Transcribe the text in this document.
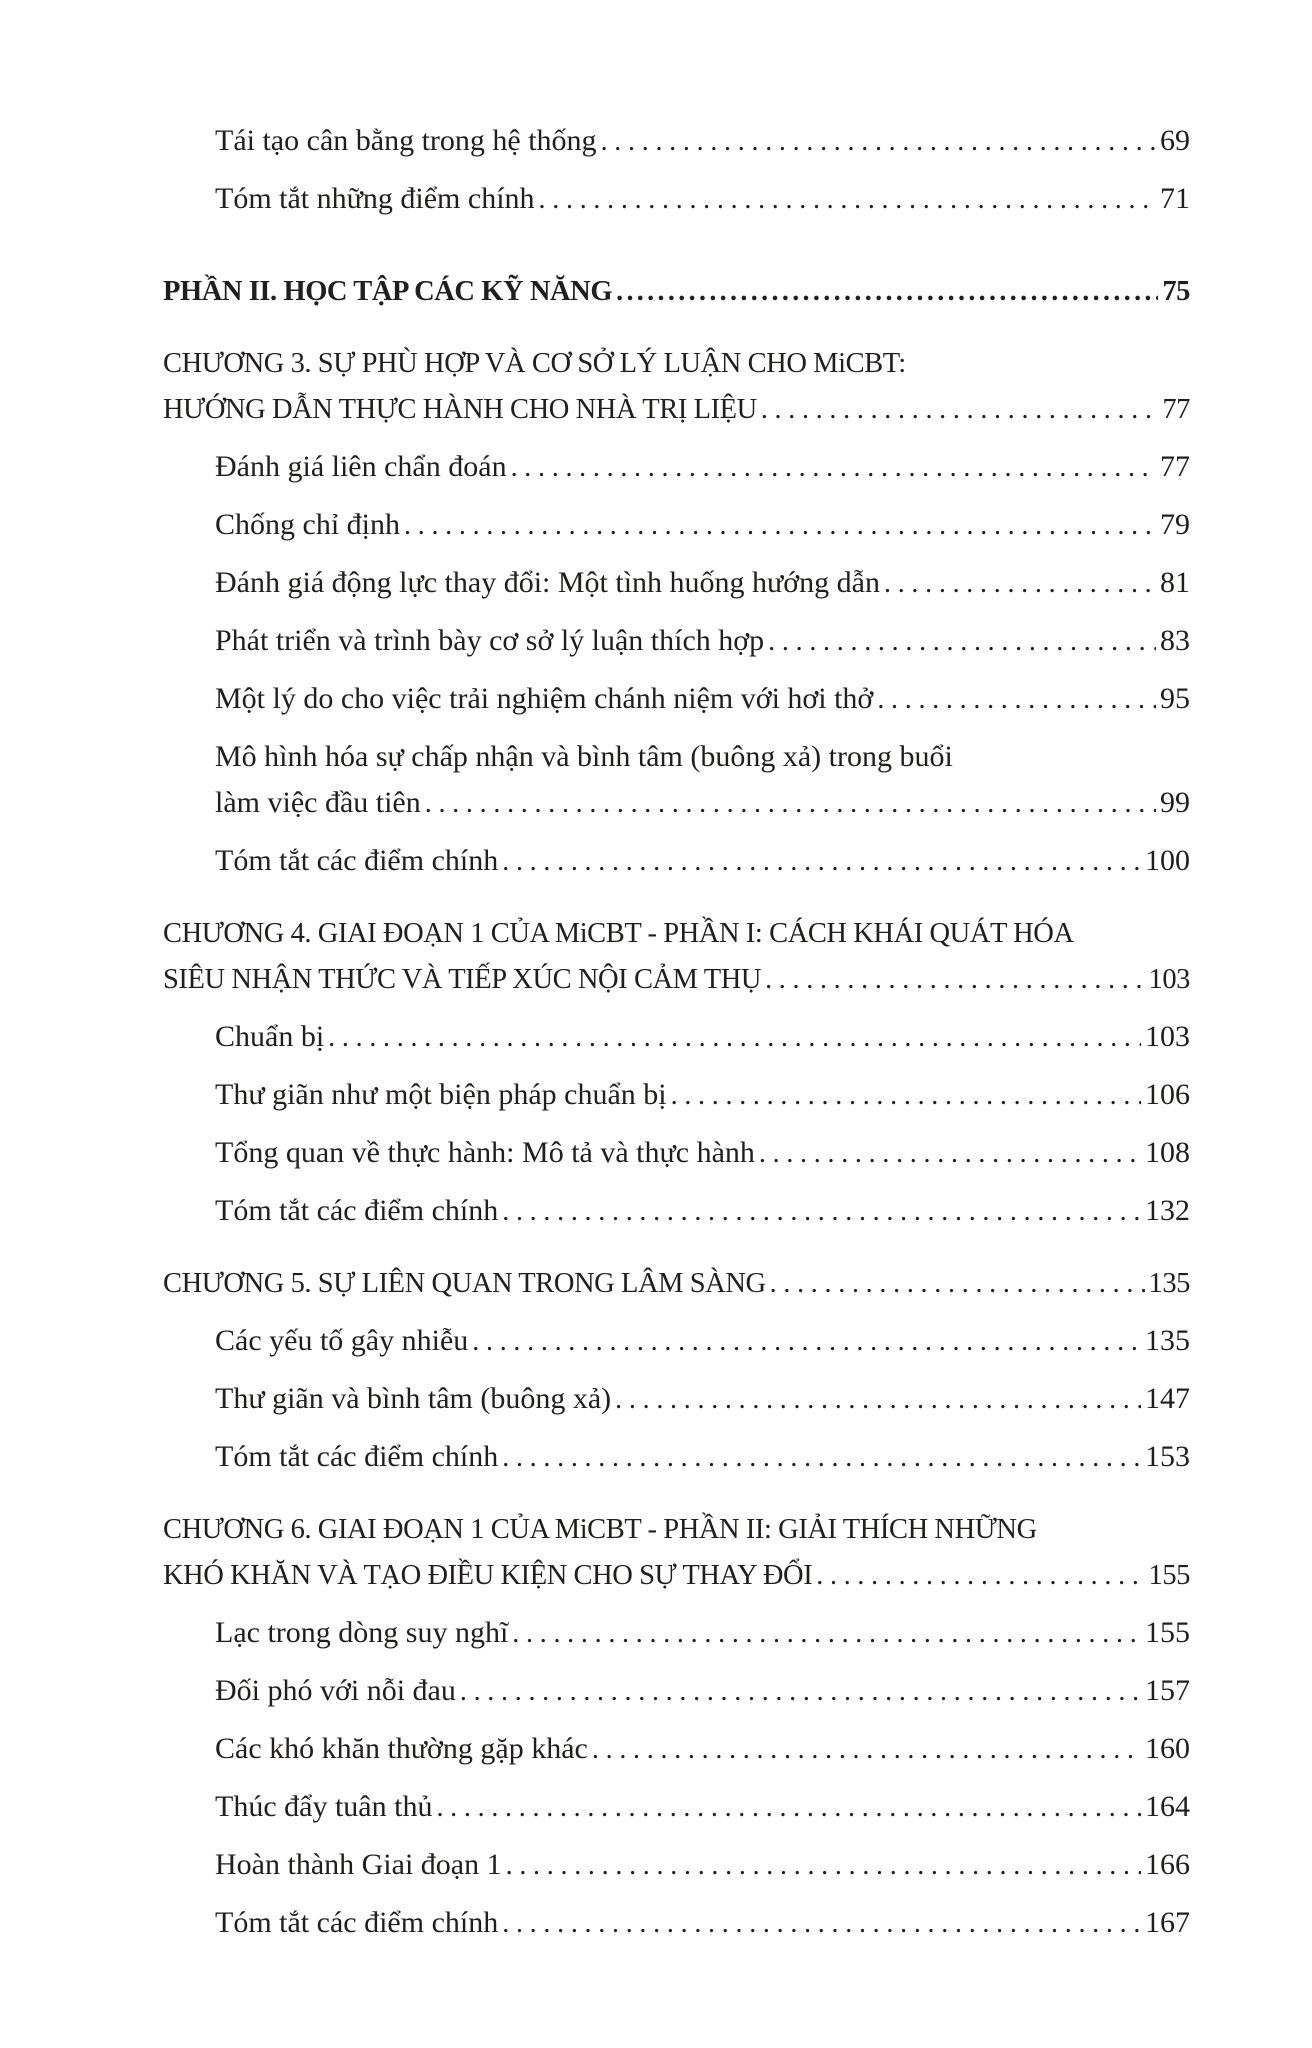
Tái tạo cân bằng trong hệ thống .....	69
Tóm tắt những điểm chính .....	71
PHẦN II. HỌC TẬP CÁC KỸ NĂNG .....	75
CHƯƠNG 3. SỰ PHÙ HỢP VÀ CƠ SỞ LÝ LUẬN CHO MiCBT:
HƯỚNG DẪN THỰC HÀNH CHO NHÀ TRỊ LIỆU .....	77
Đánh giá liên chẩn đoán .....	77
Chống chỉ định .....	79
Đánh giá động lực thay đổi: Một tình huống hướng dẫn .....	81
Phát triển và trình bày cơ sở lý luận thích hợp .....	83
Một lý do cho việc trải nghiệm chánh niệm với hơi thở .....	95
Mô hình hóa sự chấp nhận và bình tâm (buông xả) trong buổi
làm việc đầu tiên .....	99
Tóm tắt các điểm chính .....	100
CHƯƠNG 4. GIAI ĐOẠN 1 CỦA MiCBT - PHẦN I: CÁCH KHÁI QUÁT HÓA
SIÊU NHẬN THỨC VÀ TIẾP XÚC NỘI CẢM THỤ .....	103
Chuẩn bị .....	103
Thư giãn như một biện pháp chuẩn bị .....	106
Tổng quan về thực hành: Mô tả và thực hành .....	108
Tóm tắt các điểm chính .....	132
CHƯƠNG 5. SỰ LIÊN QUAN TRONG LÂM SÀNG .....	135
Các yếu tố gây nhiễu .....	135
Thư giãn và bình tâm (buông xả) .....	147
Tóm tắt các điểm chính .....	153
CHƯƠNG 6. GIAI ĐOẠN 1 CỦA MiCBT - PHẦN II: GIẢI THÍCH NHỮNG
KHÓ KHĂN VÀ TẠO ĐIỀU KIỆN CHO SỰ THAY ĐỔI .....	155
Lạc trong dòng suy nghĩ .....	155
Đối phó với nỗi đau .....	157
Các khó khăn thường gặp khác .....	160
Thúc đẩy tuân thủ .....	164
Hoàn thành Giai đoạn 1 .....	166
Tóm tắt các điểm chính .....	167
